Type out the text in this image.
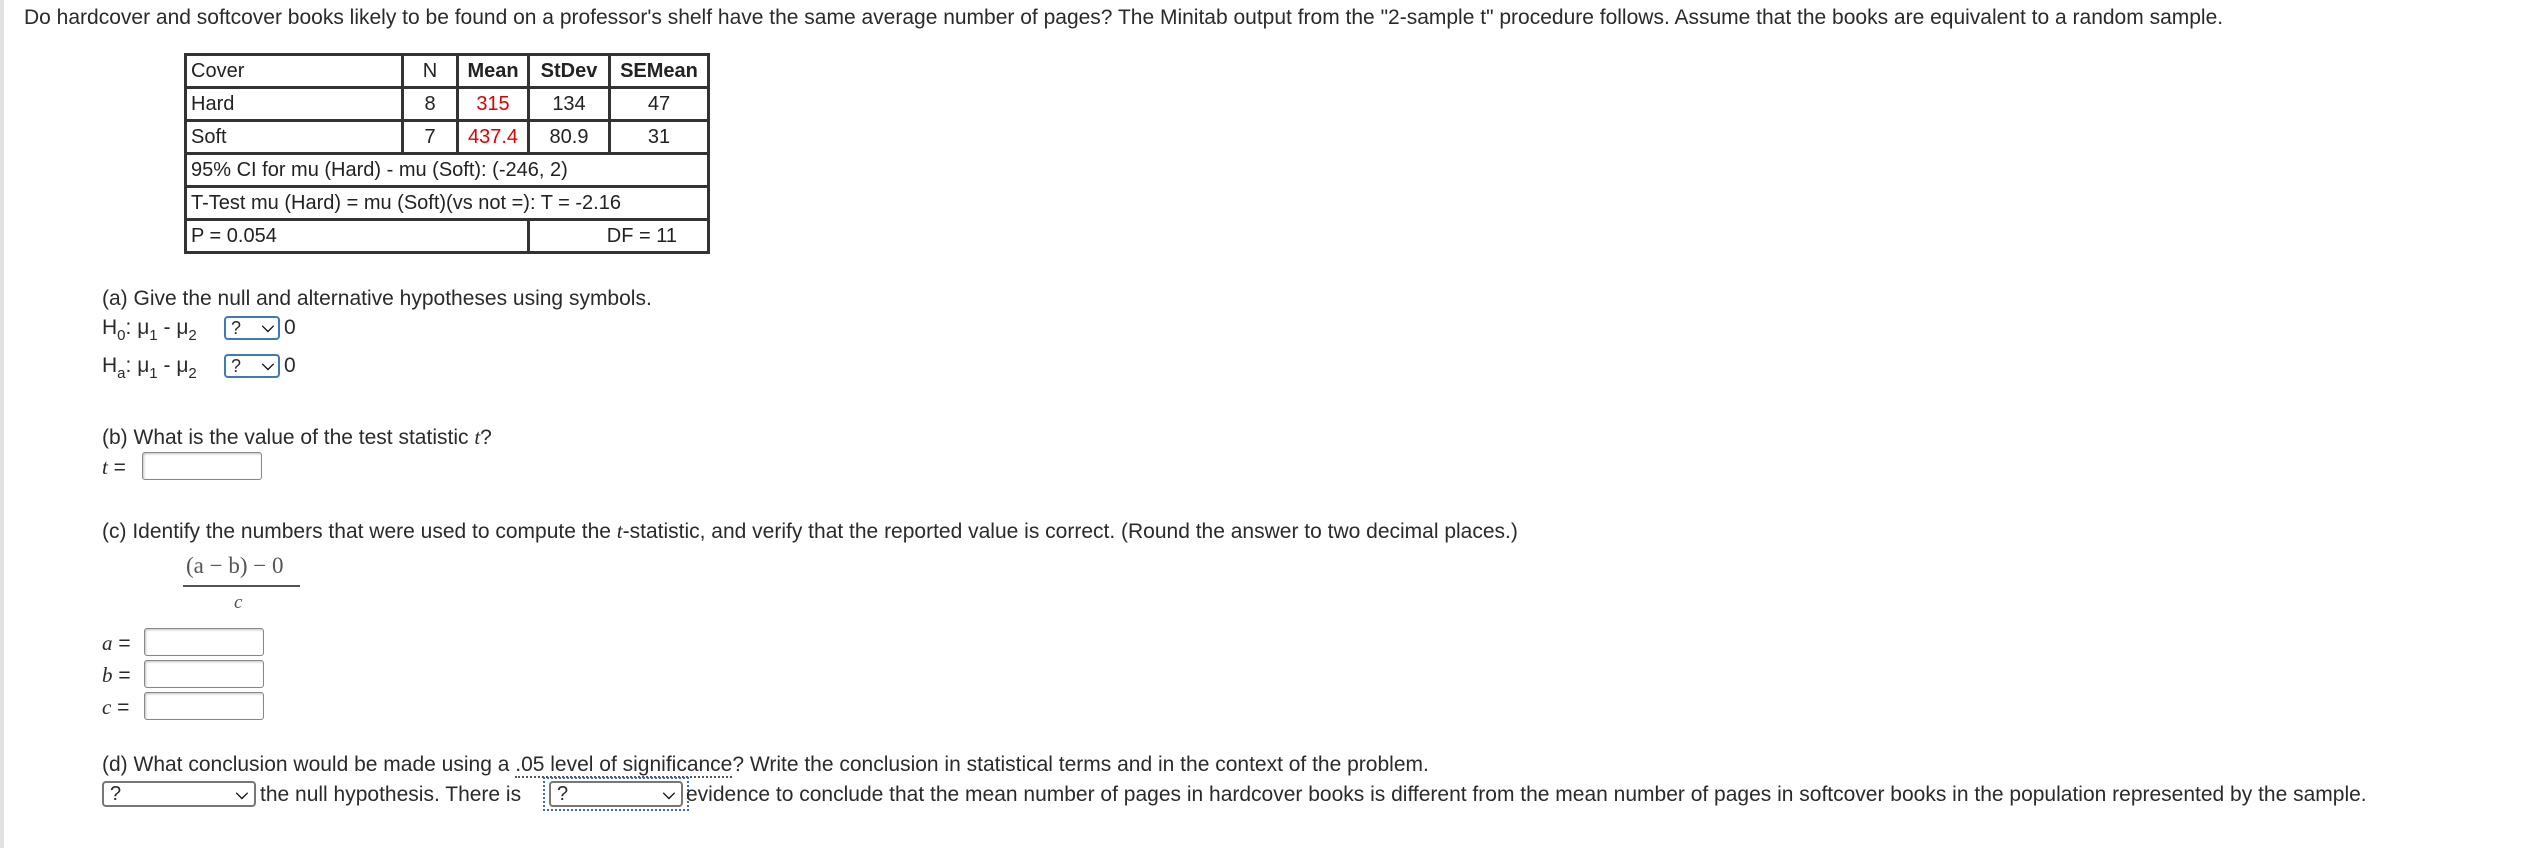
Do hardcover and softcover books likely to be found on a professor's shelf have the same average number of pages? The Minitab output from the "2-sample t" procedure follows. Assume that the books are equivalent to a random sample.
Cover	N	Mean	StDev	SEMean
Hard	8	315	134	47
Soft	7	437.4	80.9	31
95% CI for mu (Hard) - mu (Soft): (-246, 2)				
T-Test mu (Hard) = mu (Soft)(vs not =): T = -2.16				
P = 0.054			DF = 11	
(a) Give the null and alternative hypotheses using symbols.
$H_0$: $\mu_1 - \mu_2$ ? ⌵ 0
$H_a$: $\mu_1 - \mu_2$ ? ⌵ 0
(b) What is the value of the test statistic t?
t =
(c) Identify the numbers that were used to compute the t-statistic, and verify that the reported value is correct. (Round the answer to two decimal places.)
(a − b) − 0
c
a =
b =
c =
(d) What conclusion would be made using a .05 level of significance? Write the conclusion in statistical terms and in the context of the problem.
?	⌵ the null hypothesis. There is ?	⌵ evidence to conclude that the mean number of pages in hardcover books is different from the mean number of pages in softcover books in the population represented by the sample.
